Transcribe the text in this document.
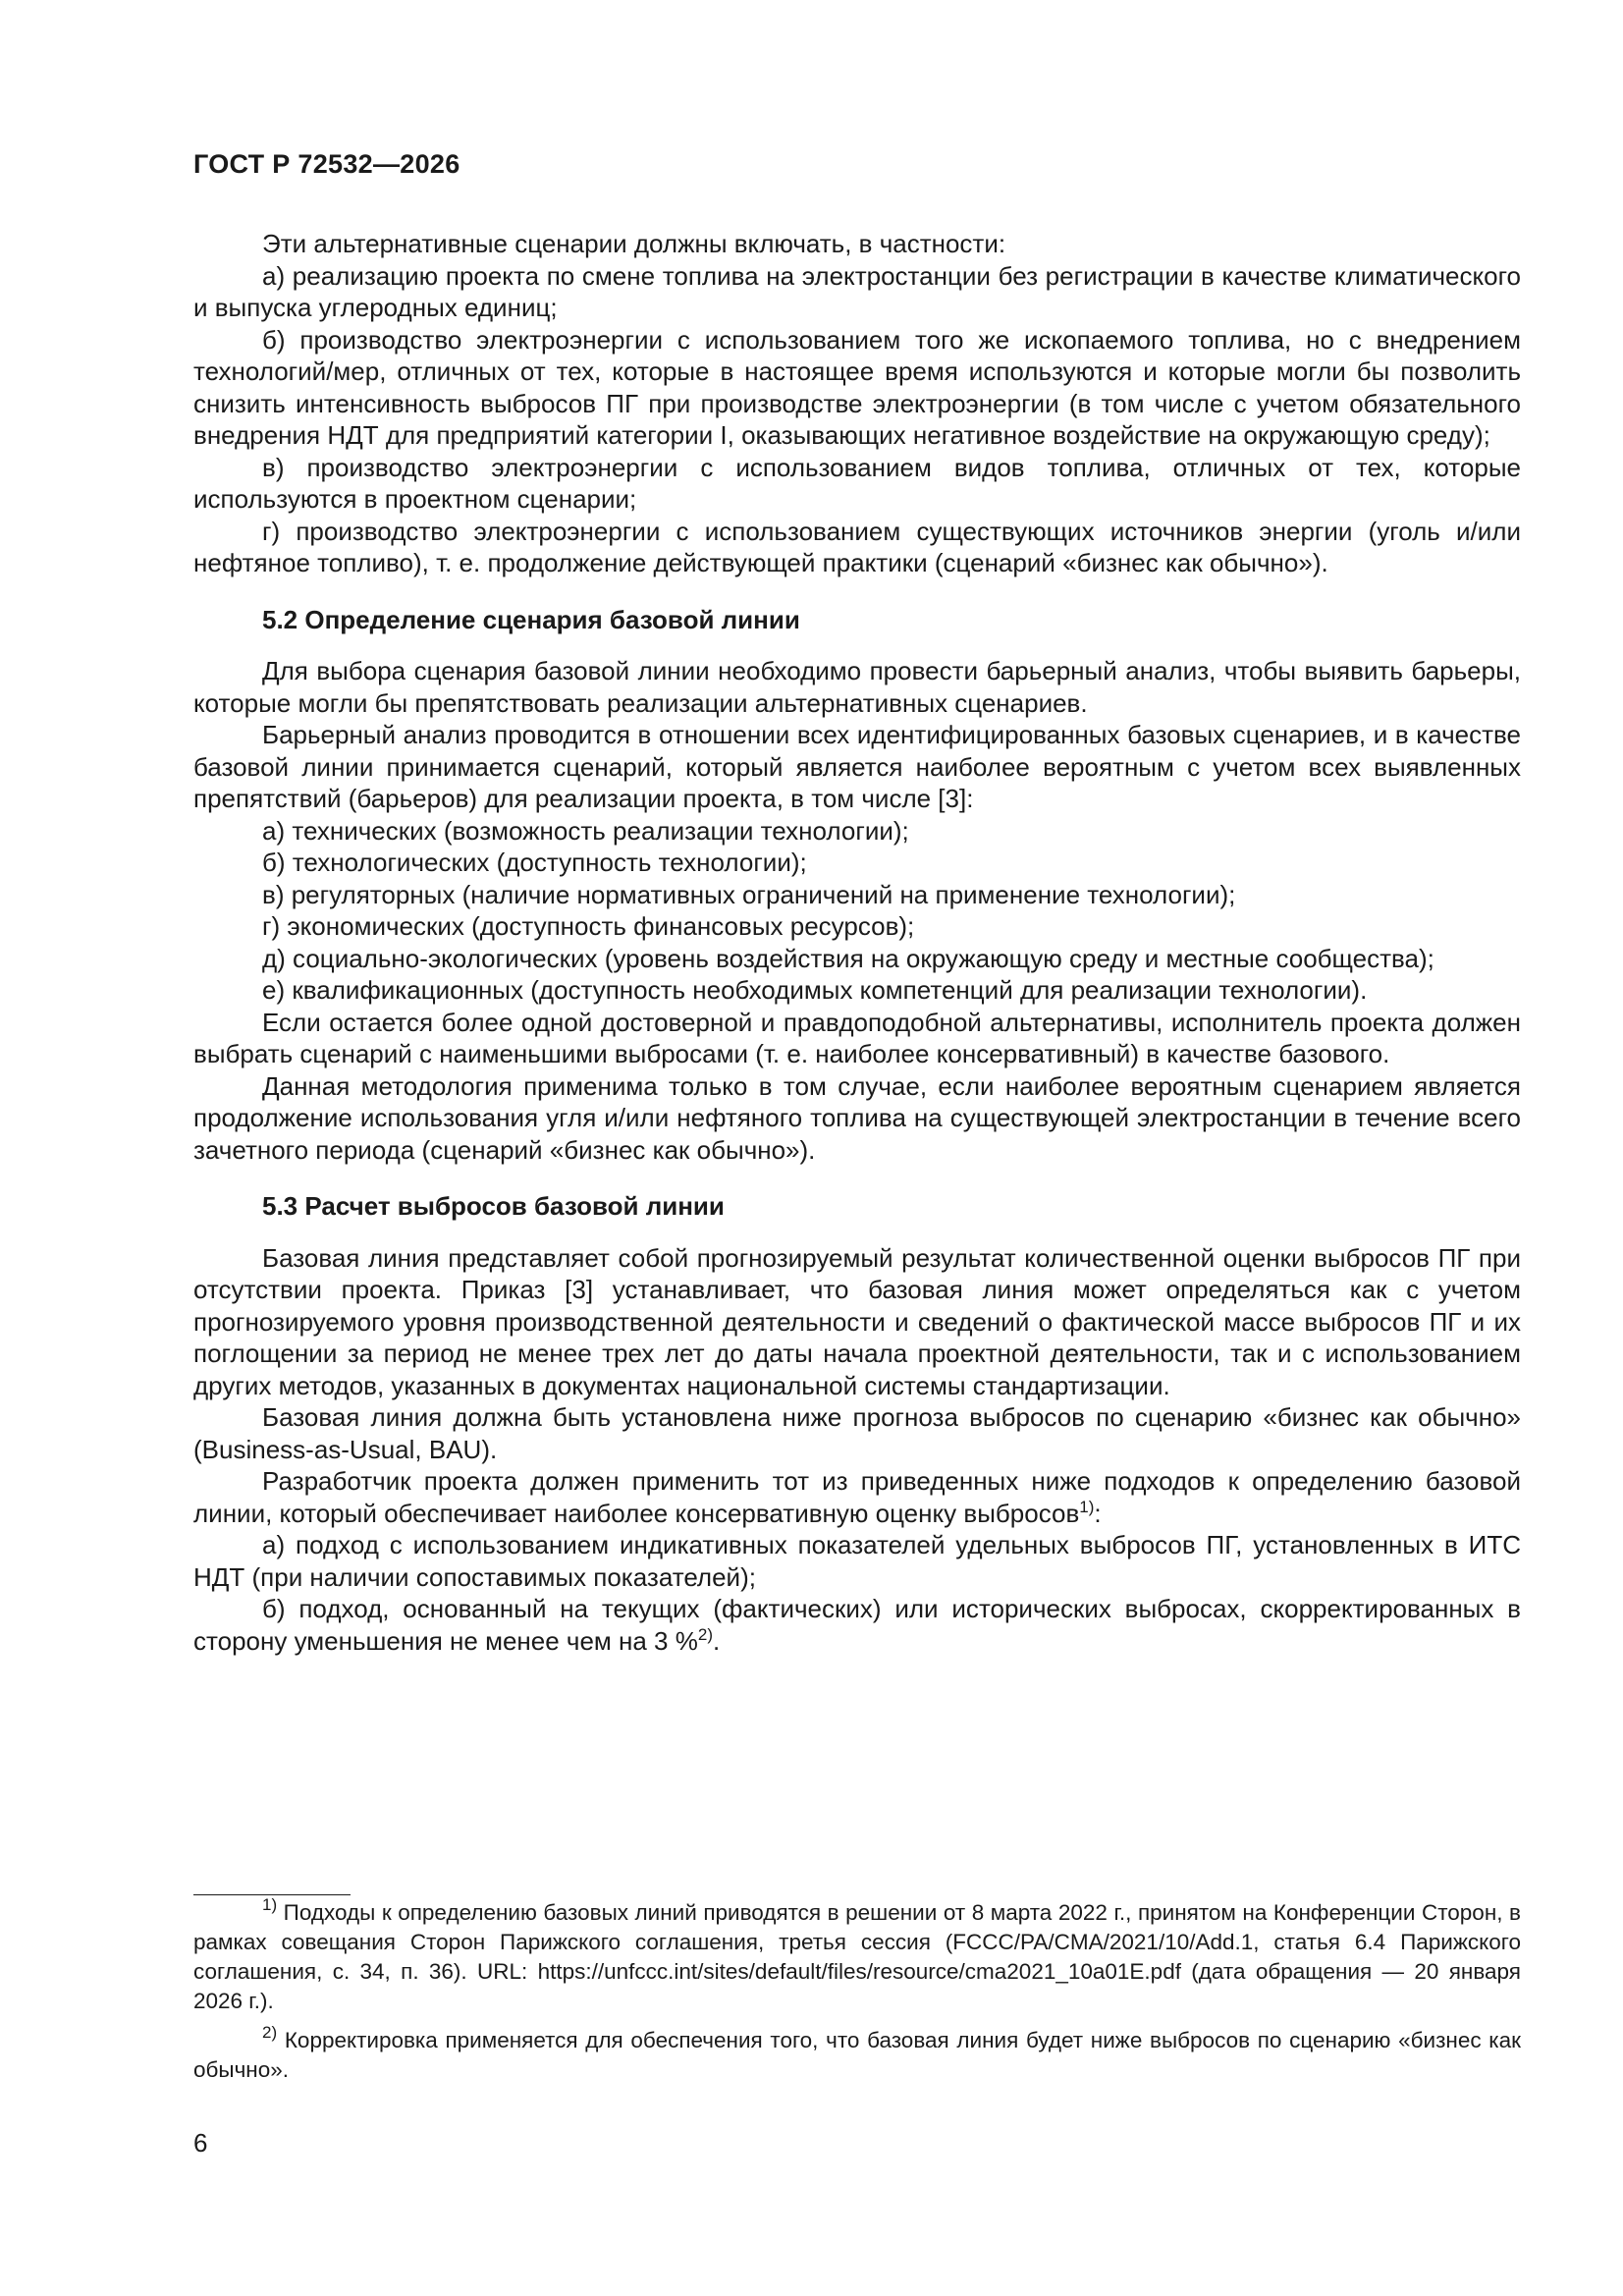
ГОСТ Р 72532—2026

Эти альтернативные сценарии должны включать, в частности:

а) реализацию проекта по смене топлива на электростанции без регистрации в качестве климатического и выпуска углеродных единиц;

б) производство электроэнергии с использованием того же ископаемого топлива, но с внедрением технологий/мер, отличных от тех, которые в настоящее время используются и которые могли бы позволить снизить интенсивность выбросов ПГ при производстве электроэнергии (в том числе с учетом обязательного внедрения НДТ для предприятий категории I, оказывающих негативное воздействие на окружающую среду);

в) производство электроэнергии с использованием видов топлива, отличных от тех, которые используются в проектном сценарии;

г) производство электроэнергии с использованием существующих источников энергии (уголь и/или нефтяное топливо), т. е. продолжение действующей практики (сценарий «бизнес как обычно»).

5.2 Определение сценария базовой линии

Для выбора сценария базовой линии необходимо провести барьерный анализ, чтобы выявить барьеры, которые могли бы препятствовать реализации альтернативных сценариев.

Барьерный анализ проводится в отношении всех идентифицированных базовых сценариев, и в качестве базовой линии принимается сценарий, который является наиболее вероятным с учетом всех выявленных препятствий (барьеров) для реализации проекта, в том числе [3]:

а) технических (возможность реализации технологии);

б) технологических (доступность технологии);

в) регуляторных (наличие нормативных ограничений на применение технологии);

г) экономических (доступность финансовых ресурсов);

д) социально-экологических (уровень воздействия на окружающую среду и местные сообщества);

е) квалификационных (доступность необходимых компетенций для реализации технологии).

Если остается более одной достоверной и правдоподобной альтернативы, исполнитель проекта должен выбрать сценарий с наименьшими выбросами (т. е. наиболее консервативный) в качестве базового.

Данная методология применима только в том случае, если наиболее вероятным сценарием является продолжение использования угля и/или нефтяного топлива на существующей электростанции в течение всего зачетного периода (сценарий «бизнес как обычно»).

5.3 Расчет выбросов базовой линии

Базовая линия представляет собой прогнозируемый результат количественной оценки выбросов ПГ при отсутствии проекта. Приказ [3] устанавливает, что базовая линия может определяться как с учетом прогнозируемого уровня производственной деятельности и сведений о фактической массе выбросов ПГ и их поглощении за период не менее трех лет до даты начала проектной деятельности, так и с использованием других методов, указанных в документах национальной системы стандартизации.

Базовая линия должна быть установлена ниже прогноза выбросов по сценарию «бизнес как обычно» (Business-as-Usual, BAU).

Разработчик проекта должен применить тот из приведенных ниже подходов к определению базовой линии, который обеспечивает наиболее консервативную оценку выбросов$^{1)}$:

а) подход с использованием индикативных показателей удельных выбросов ПГ, установленных в ИТС НДТ (при наличии сопоставимых показателей);

б) подход, основанный на текущих (фактических) или исторических выбросах, скорректированных в сторону уменьшения не менее чем на 3 %$^{2)}$.

$^{1)}$ Подходы к определению базовых линий приводятся в решении от 8 марта 2022 г., принятом на Конференции Сторон, в рамках совещания Сторон Парижского соглашения, третья сессия (FCCC/PA/CMA/2021/10/Add.1, статья 6.4 Парижского соглашения, с. 34, п. 36). URL: https://unfccc.int/sites/default/files/resource/cma2021_10a01E.pdf (дата обращения — 20 января 2026 г.).

$^{2)}$ Корректировка применяется для обеспечения того, что базовая линия будет ниже выбросов по сценарию «бизнес как обычно».

6
